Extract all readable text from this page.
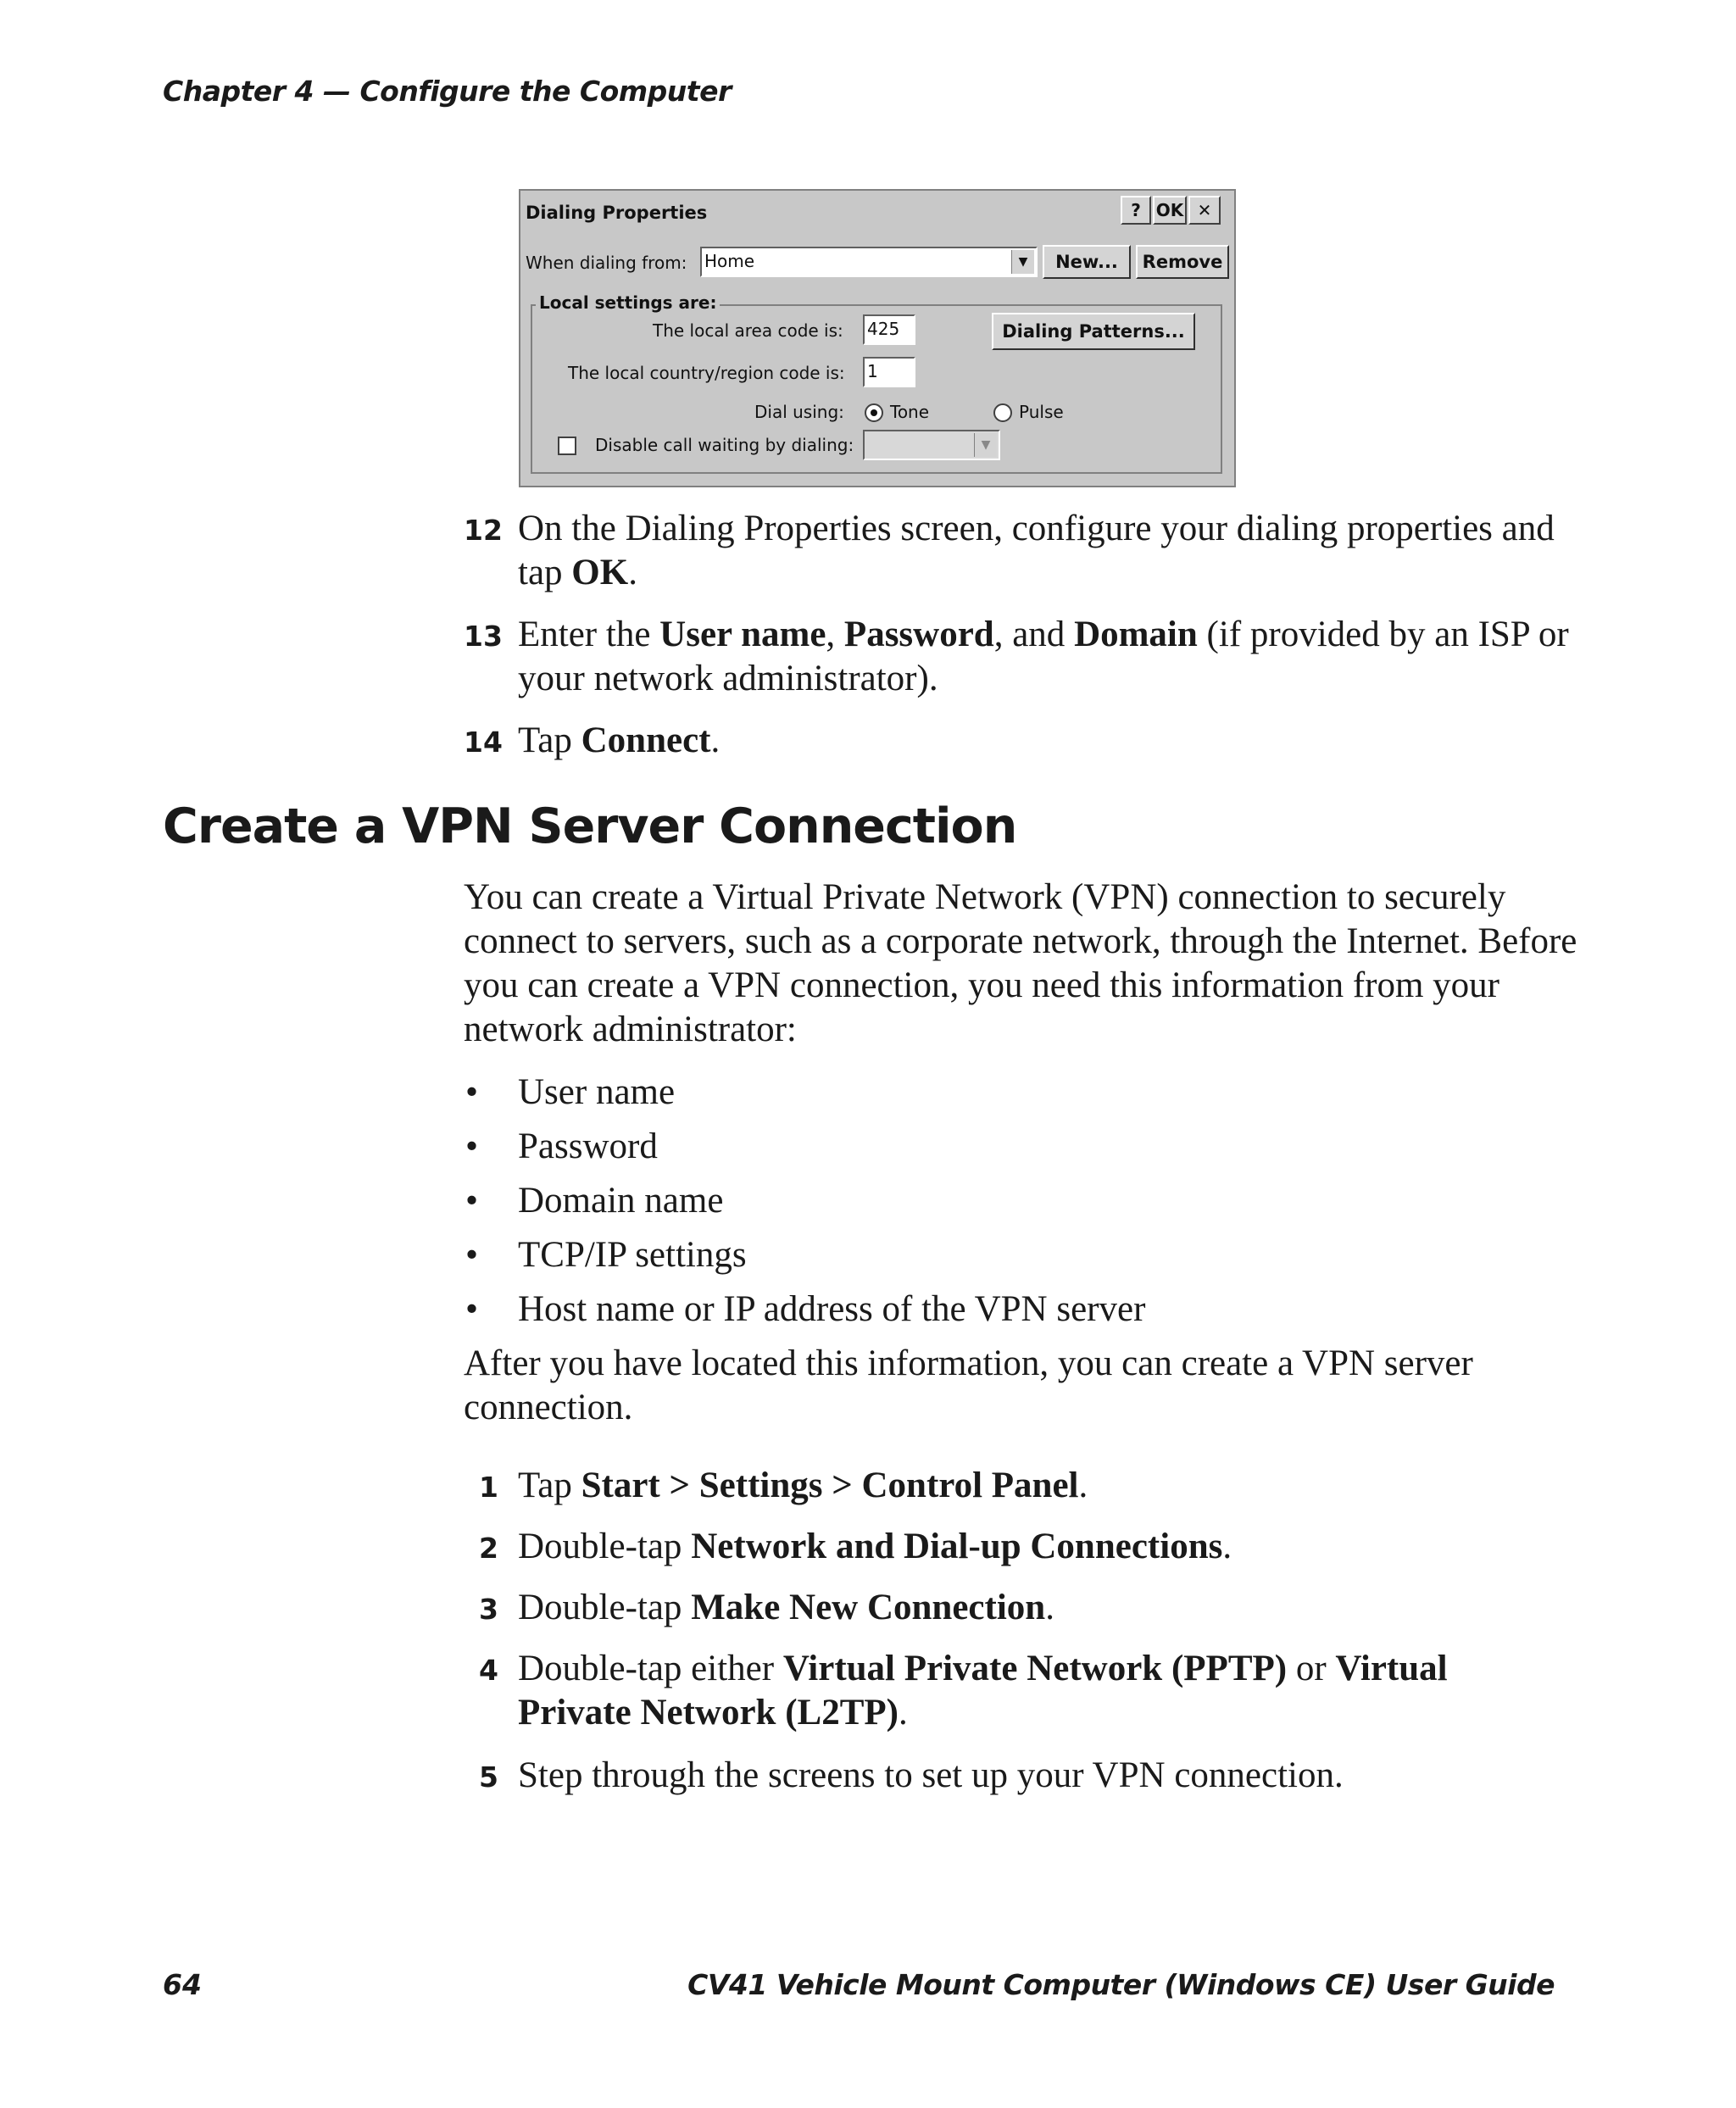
Chapter 4 — Configure the Computer
Dialing Properties	? OK ✕
When dialing from: Home	▼	New...	Remove
Local settings are:
The local area code is: 425	Dialing Patterns...
The local country/region code is: 1
Dial using:	Tone	Pulse
Disable call waiting by dialing:	▼
12 On the Dialing Properties screen, configure your dialing properties and tap OK.
13 Enter the User name, Password, and Domain (if provided by an ISP or your network administrator).
14 Tap Connect.
Create a VPN Server Connection
You can create a Virtual Private Network (VPN) connection to securely connect to servers, such as a corporate network, through the Internet. Before you can create a VPN connection, you need this information from your network administrator:
• User name
• Password
• Domain name
• TCP/IP settings
• Host name or IP address of the VPN server
After you have located this information, you can create a VPN server connection.
1 Tap Start > Settings > Control Panel.
2 Double-tap Network and Dial-up Connections.
3 Double-tap Make New Connection.
4 Double-tap either Virtual Private Network (PPTP) or Virtual Private Network (L2TP).
5 Step through the screens to set up your VPN connection.
64	CV41 Vehicle Mount Computer (Windows CE) User Guide
